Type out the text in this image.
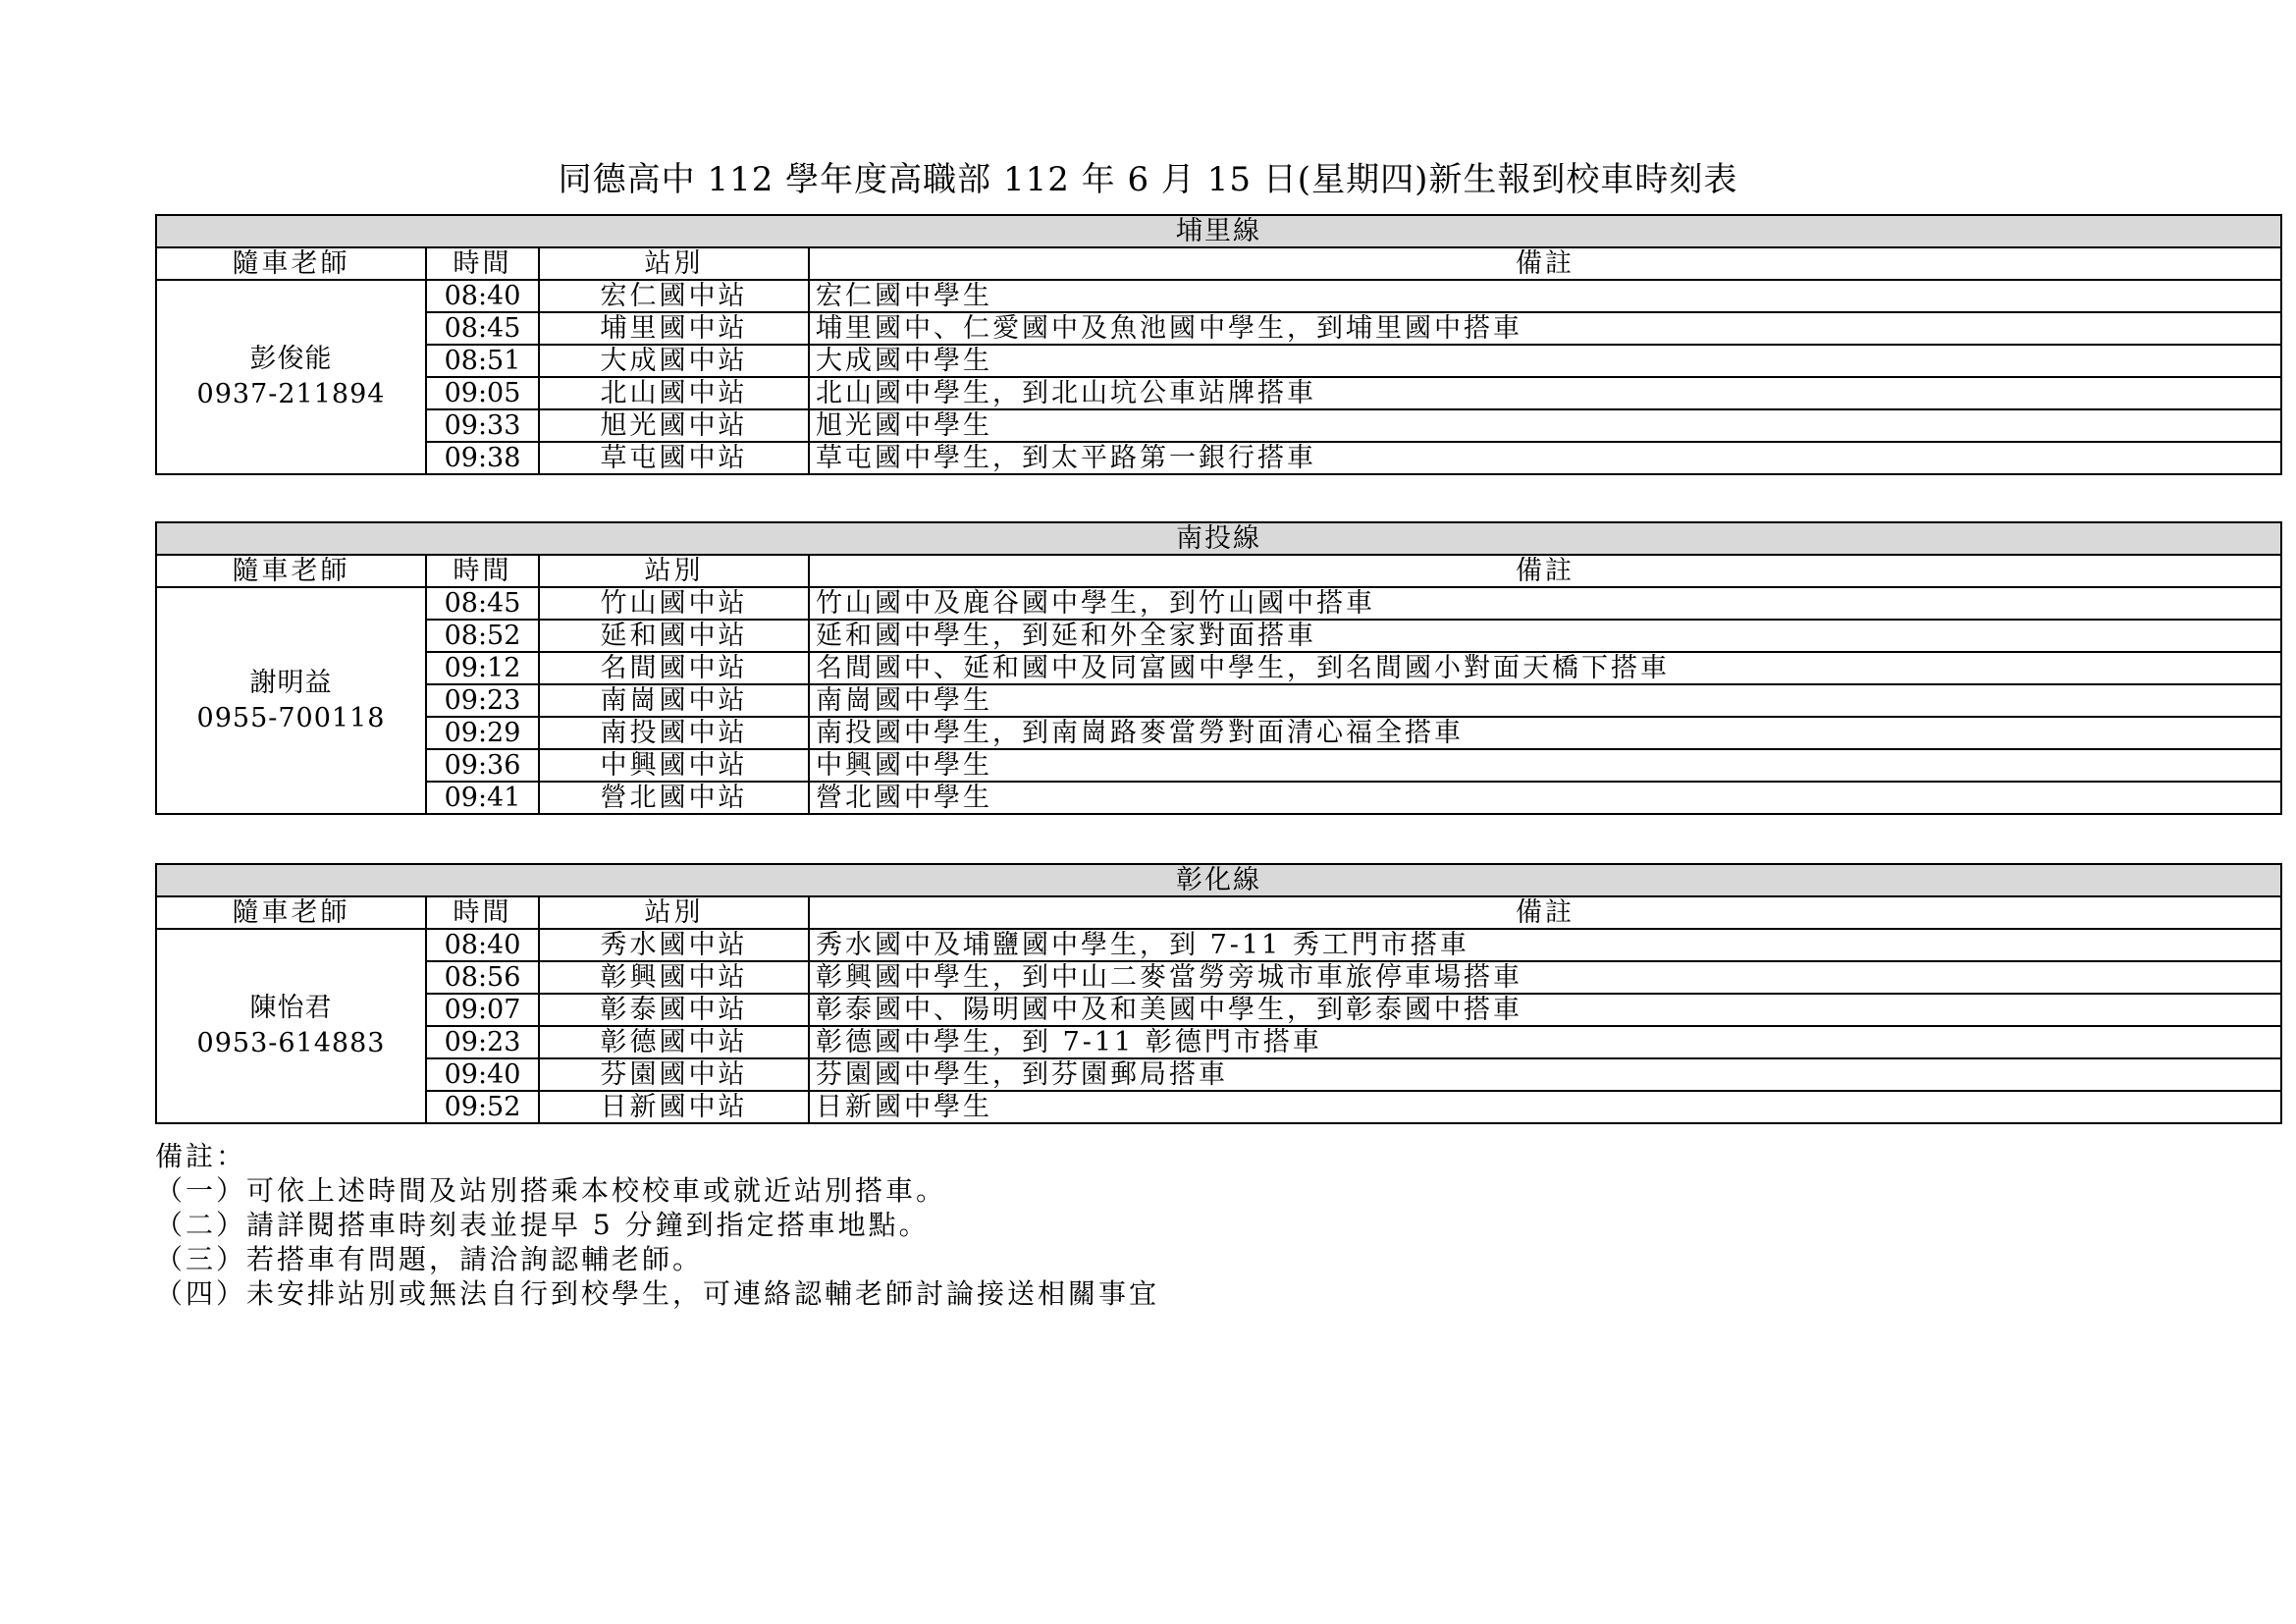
同德高中 112 學年度高職部 112 年 6 月 15 日(星期四)新生報到校車時刻表
埔里線			
隨車老師	時間	站別	備註

彭俊能
0937-211894	08:40	宏仁國中站	宏仁國中學生
	08:45	埔里國中站	埔里國中、仁愛國中及魚池國中學生，到埔里國中搭車
	08:51	大成國中站	大成國中學生
	09:05	北山國中站	北山國中學生，到北山坑公車站牌搭車
	09:33	旭光國中站	旭光國中學生
	09:38	草屯國中站	草屯國中學生，到太平路第一銀行搭車
南投線			
隨車老師	時間	站別	備註

謝明益
0955-700118	08:45	竹山國中站	竹山國中及鹿谷國中學生，到竹山國中搭車
	08:52	延和國中站	延和國中學生，到延和外全家對面搭車
	09:12	名間國中站	名間國中、延和國中及同富國中學生，到名間國小對面天橋下搭車
	09:23	南崗國中站	南崗國中學生
	09:29	南投國中站	南投國中學生，到南崗路麥當勞對面清心福全搭車
	09:36	中興國中站	中興國中學生
	09:41	營北國中站	營北國中學生
彰化線			
隨車老師	時間	站別	備註

陳怡君
0953-614883	08:40	秀水國中站	秀水國中及埔鹽國中學生，到 7-11 秀工門市搭車
	08:56	彰興國中站	彰興國中學生，到中山二麥當勞旁城市車旅停車場搭車
	09:07	彰泰國中站	彰泰國中、陽明國中及和美國中學生，到彰泰國中搭車
	09:23	彰德國中站	彰德國中學生，到 7-11 彰德門市搭車
	09:40	芬園國中站	芬園國中學生，到芬園郵局搭車
	09:52	日新國中站	日新國中學生
備註：
（一）可依上述時間及站別搭乘本校校車或就近站別搭車。
（二）請詳閱搭車時刻表並提早 5 分鐘到指定搭車地點。
（三）若搭車有問題，請洽詢認輔老師。
（四）未安排站別或無法自行到校學生，可連絡認輔老師討論接送相關事宜
